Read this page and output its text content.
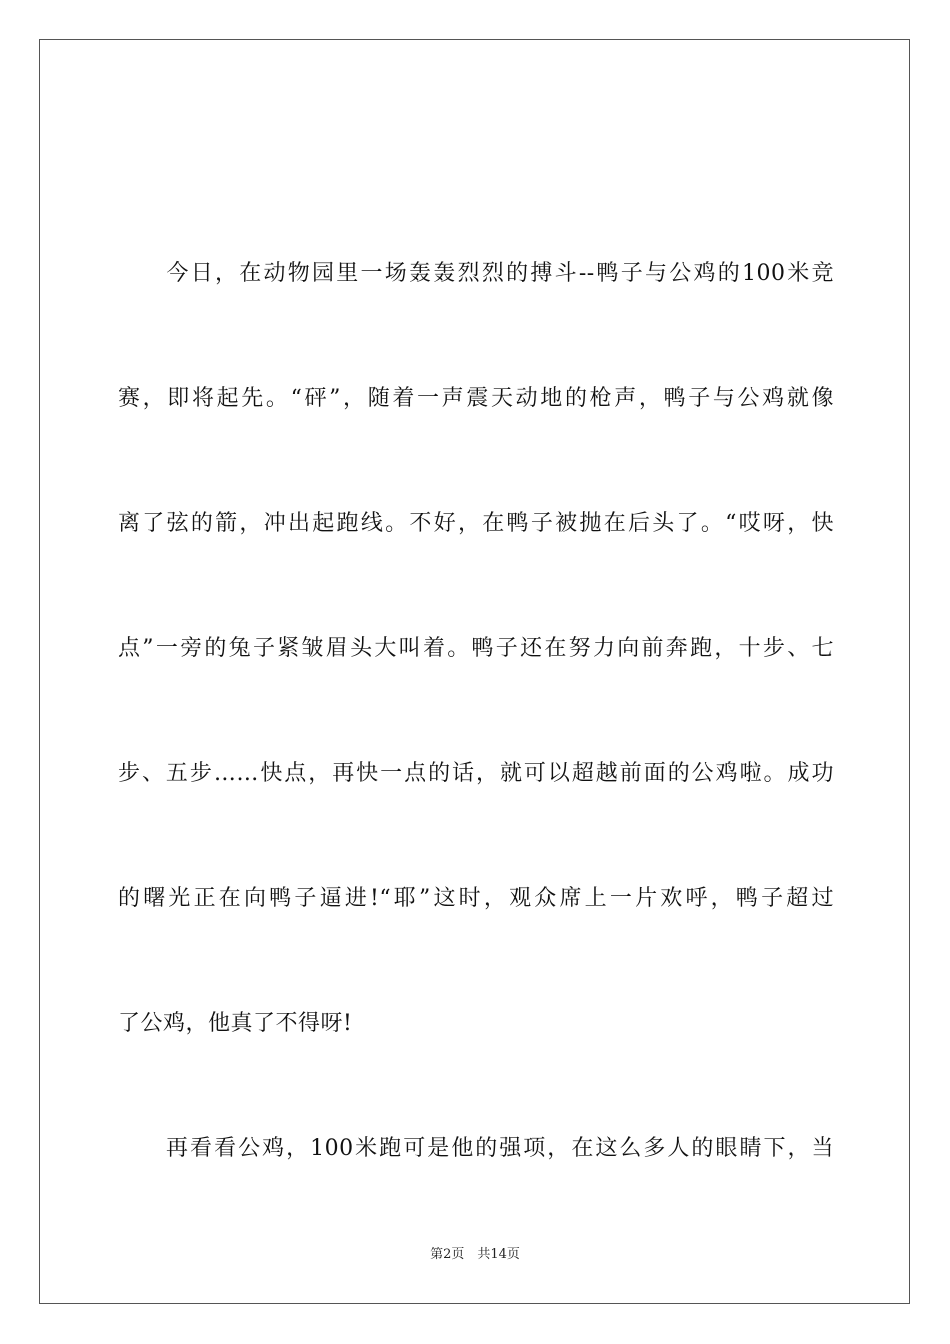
　　今日，在动物园里一场轰轰烈烈的搏斗--鸭子与公鸡的100米竞
赛，即将起先。“砰”，随着一声震天动地的枪声，鸭子与公鸡就像
离了弦的箭，冲出起跑线。不好，在鸭子被抛在后头了。“哎呀，快
点”一旁的兔子紧皱眉头大叫着。鸭子还在努力向前奔跑，十步、七
步、五步……快点，再快一点的话，就可以超越前面的公鸡啦。成功
的曙光正在向鸭子逼进!“耶”这时，观众席上一片欢呼，鸭子超过
了公鸡，他真了不得呀!
　　再看看公鸡，100米跑可是他的强项，在这么多人的眼睛下，当
第2页　共14页
